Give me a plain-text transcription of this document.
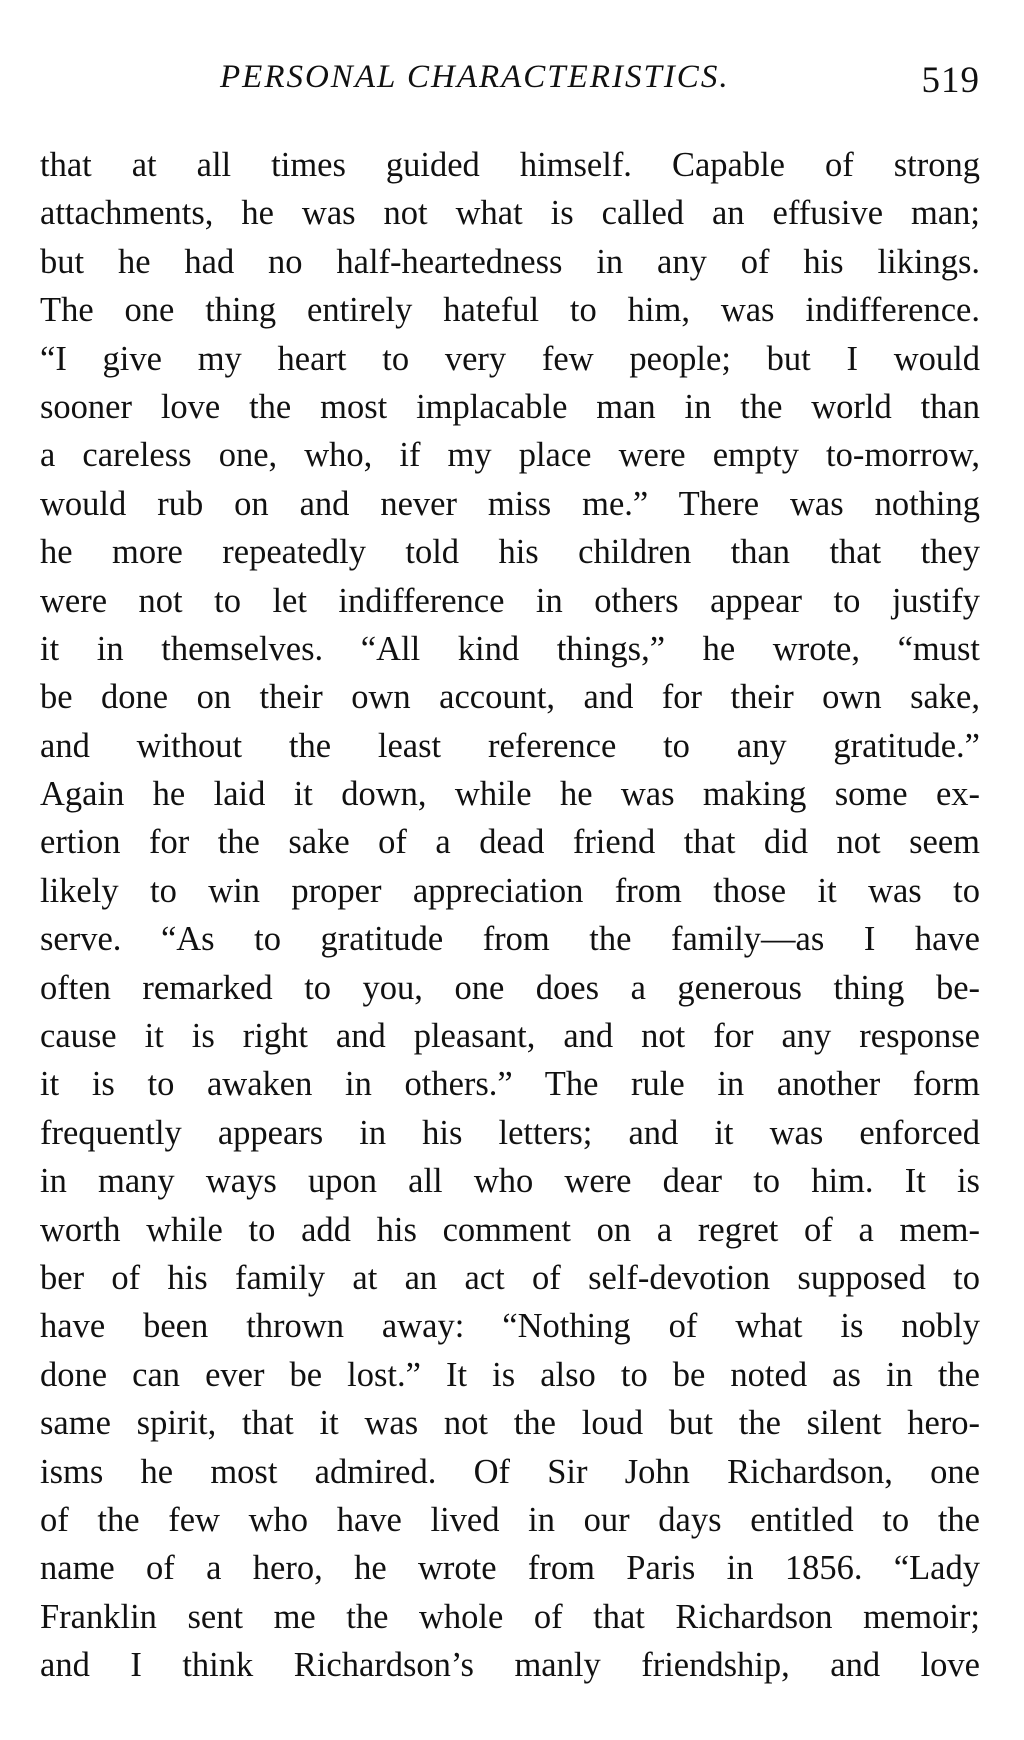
PERSONAL CHARACTERISTICS.	519
that at all times guided himself. Capable of strong
attachments, he was not what is called an effusive man;
but he had no half-heartedness in any of his likings.
The one thing entirely hateful to him, was indifference.
“I give my heart to very few people; but I would
sooner love the most implacable man in the world than
a careless one, who, if my place were empty to-morrow,
would rub on and never miss me.” There was nothing
he more repeatedly told his children than that they
were not to let indifference in others appear to justify
it in themselves. “All kind things,” he wrote, “must
be done on their own account, and for their own sake,
and without the least reference to any gratitude.”
Again he laid it down, while he was making some ex-
ertion for the sake of a dead friend that did not seem
likely to win proper appreciation from those it was to
serve. “As to gratitude from the family—as I have
often remarked to you, one does a generous thing be-
cause it is right and pleasant, and not for any response
it is to awaken in others.” The rule in another form
frequently appears in his letters; and it was enforced
in many ways upon all who were dear to him. It is
worth while to add his comment on a regret of a mem-
ber of his family at an act of self-devotion supposed to
have been thrown away: “Nothing of what is nobly
done can ever be lost.” It is also to be noted as in the
same spirit, that it was not the loud but the silent hero-
isms he most admired. Of Sir John Richardson, one
of the few who have lived in our days entitled to the
name of a hero, he wrote from Paris in 1856. “Lady
Franklin sent me the whole of that Richardson memoir;
and I think Richardson’s manly friendship, and love
